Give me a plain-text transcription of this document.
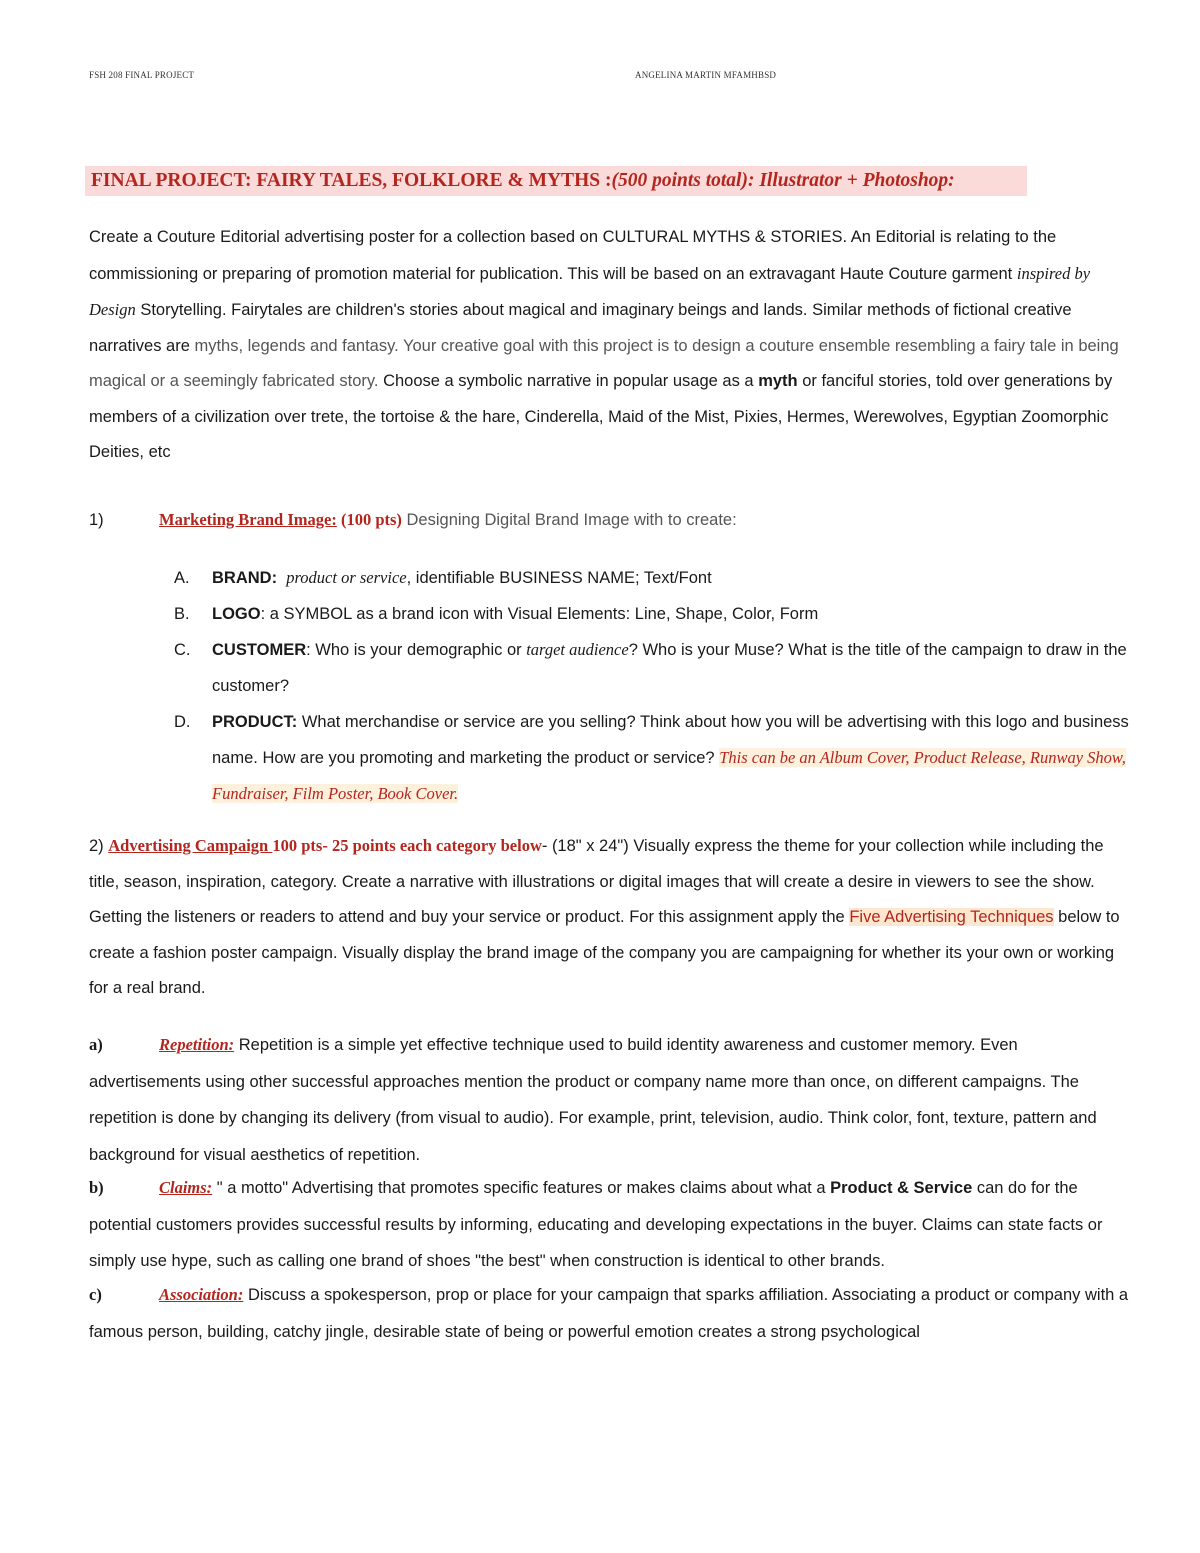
FSH 208 FINAL PROJECT	ANGELINA MARTIN MFAMHBSD
FINAL PROJECT: FAIRY TALES, FOLKLORE & MYTHS :(500 points total): Illustrator + Photoshop:
Create a Couture Editorial advertising poster for a collection based on CULTURAL MYTHS & STORIES. An Editorial is relating to the commissioning or preparing of promotion material for publication. This will be based on an extravagant Haute Couture garment inspired by Design Storytelling. Fairytales are children's stories about magical and imaginary beings and lands. Similar methods of fictional creative narratives are myths, legends and fantasy. Your creative goal with this project is to design a couture ensemble resembling a fairy tale in being magical or a seemingly fabricated story. Choose a symbolic narrative in popular usage as a myth or fanciful stories, told over generations by members of a civilization over trete, the tortoise & the hare, Cinderella, Maid of the Mist, Pixies, Hermes, Werewolves, Egyptian Zoomorphic Deities, etc
1)	Marketing Brand Image: (100 pts) Designing Digital Brand Image with to create:
A.	BRAND: product or service, identifiable BUSINESS NAME; Text/Font
B.	LOGO: a SYMBOL as a brand icon with Visual Elements: Line, Shape, Color, Form
C.	CUSTOMER: Who is your demographic or target audience? Who is your Muse? What is the title of the campaign to draw in the customer?
D.	PRODUCT: What merchandise or service are you selling? Think about how you will be advertising with this logo and business name. How are you promoting and marketing the product or service? This can be an Album Cover, Product Release, Runway Show, Fundraiser, Film Poster, Book Cover.
2) Advertising Campaign 100 pts- 25 points each category below- (18" x 24") Visually express the theme for your collection while including the title, season, inspiration, category. Create a narrative with illustrations or digital images that will create a desire in viewers to see the show. Getting the listeners or readers to attend and buy your service or product. For this assignment apply the Five Advertising Techniques below to create a fashion poster campaign. Visually display the brand image of the company you are campaigning for whether its your own or working for a real brand.
a)	Repetition: Repetition is a simple yet effective technique used to build identity awareness and customer memory. Even advertisements using other successful approaches mention the product or company name more than once, on different campaigns. The repetition is done by changing its delivery (from visual to audio). For example, print, television, audio. Think color, font, texture, pattern and background for visual aesthetics of repetition.
b)	Claims: " a motto" Advertising that promotes specific features or makes claims about what a Product & Service can do for the potential customers provides successful results by informing, educating and developing expectations in the buyer. Claims can state facts or simply use hype, such as calling one brand of shoes "the best" when construction is identical to other brands.
c)	Association: Discuss a spokesperson, prop or place for your campaign that sparks affiliation. Associating a product or company with a famous person, building, catchy jingle, desirable state of being or powerful emotion creates a strong psychological
